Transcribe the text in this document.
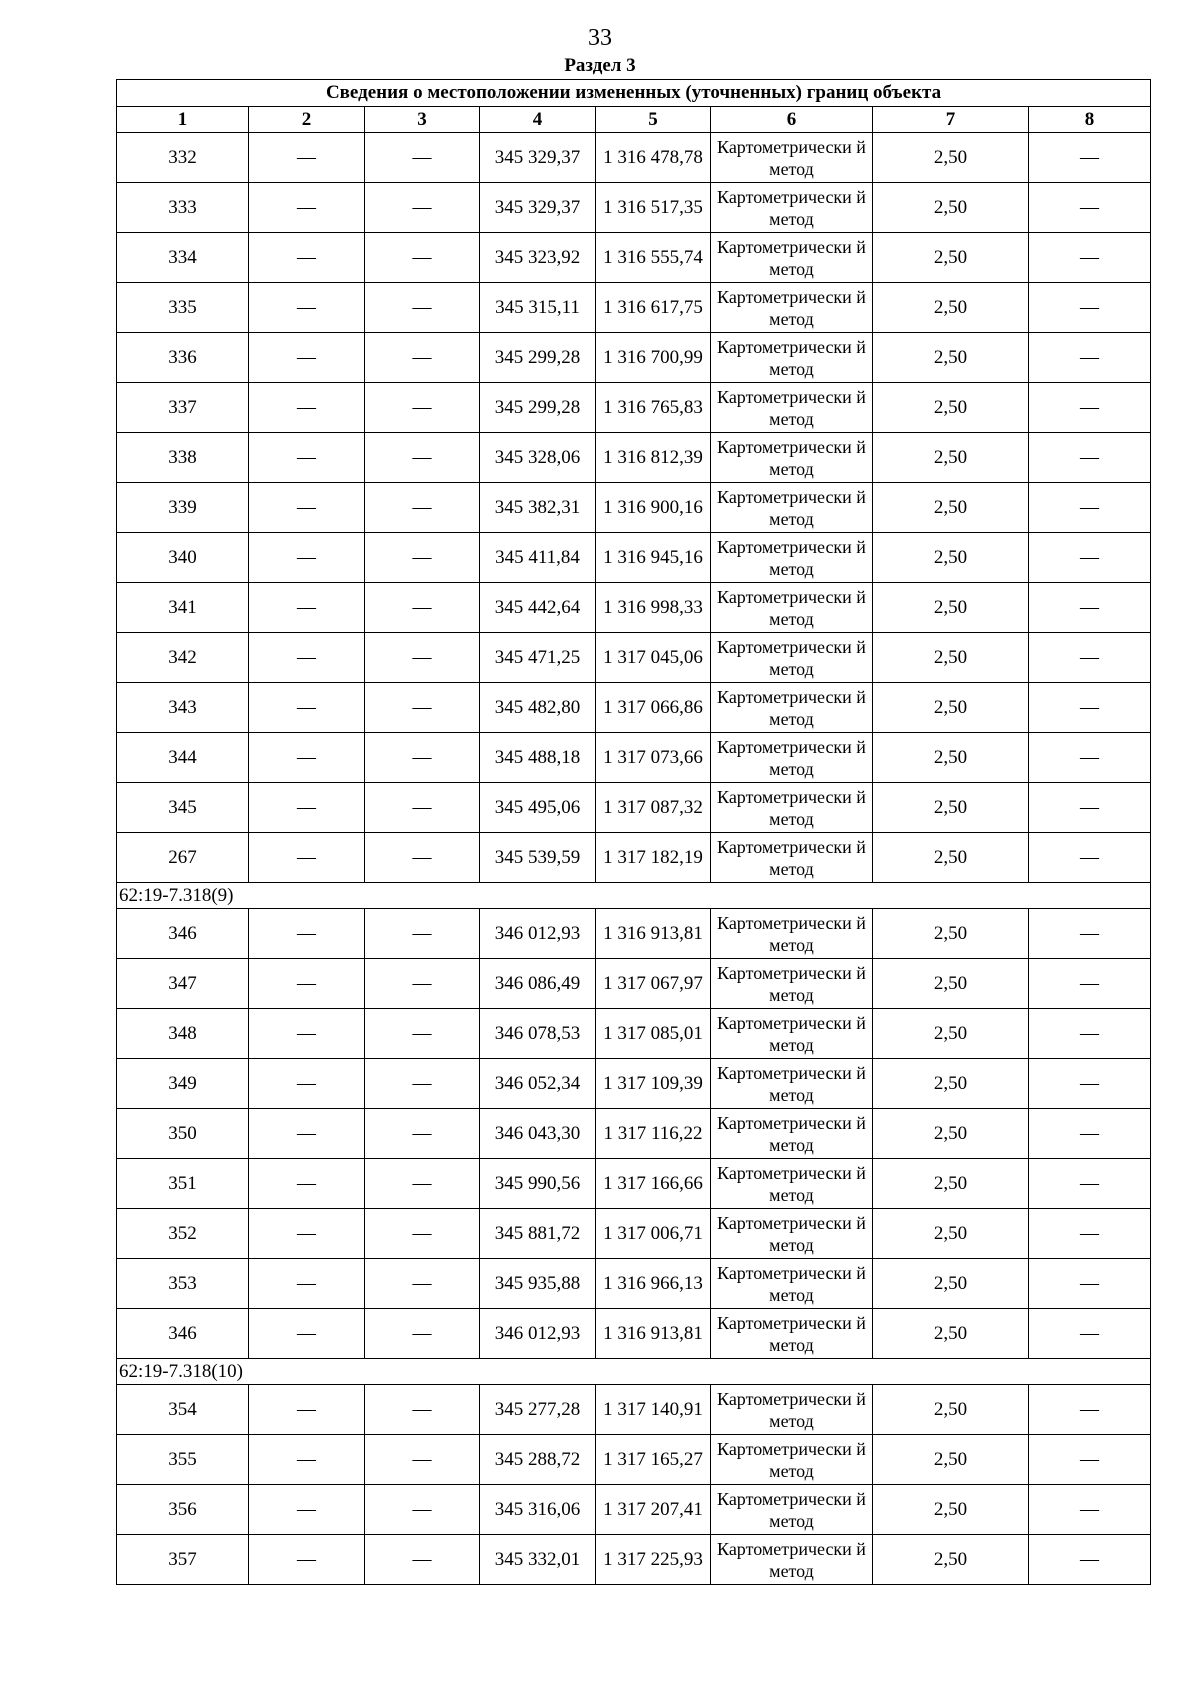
33
Раздел 3
Сведения о местоположении измененных (уточненных) границ объекта							
1	2	3	4	5	6	7	8
332	—	—	345 329,37	1 316 478,78	Картометрически й метод	2,50	—
333	—	—	345 329,37	1 316 517,35	Картометрически й метод	2,50	—
334	—	—	345 323,92	1 316 555,74	Картометрически й метод	2,50	—
335	—	—	345 315,11	1 316 617,75	Картометрически й метод	2,50	—
336	—	—	345 299,28	1 316 700,99	Картометрически й метод	2,50	—
337	—	—	345 299,28	1 316 765,83	Картометрически й метод	2,50	—
338	—	—	345 328,06	1 316 812,39	Картометрически й метод	2,50	—
339	—	—	345 382,31	1 316 900,16	Картометрически й метод	2,50	—
340	—	—	345 411,84	1 316 945,16	Картометрически й метод	2,50	—
341	—	—	345 442,64	1 316 998,33	Картометрически й метод	2,50	—
342	—	—	345 471,25	1 317 045,06	Картометрически й метод	2,50	—
343	—	—	345 482,80	1 317 066,86	Картометрически й метод	2,50	—
344	—	—	345 488,18	1 317 073,66	Картометрически й метод	2,50	—
345	—	—	345 495,06	1 317 087,32	Картометрически й метод	2,50	—
267	—	—	345 539,59	1 317 182,19	Картометрически й метод	2,50	—
62:19-7.318(9)							
346	—	—	346 012,93	1 316 913,81	Картометрически й метод	2,50	—
347	—	—	346 086,49	1 317 067,97	Картометрически й метод	2,50	—
348	—	—	346 078,53	1 317 085,01	Картометрически й метод	2,50	—
349	—	—	346 052,34	1 317 109,39	Картометрически й метод	2,50	—
350	—	—	346 043,30	1 317 116,22	Картометрически й метод	2,50	—
351	—	—	345 990,56	1 317 166,66	Картометрически й метод	2,50	—
352	—	—	345 881,72	1 317 006,71	Картометрически й метод	2,50	—
353	—	—	345 935,88	1 316 966,13	Картометрически й метод	2,50	—
346	—	—	346 012,93	1 316 913,81	Картометрически й метод	2,50	—
62:19-7.318(10)							
354	—	—	345 277,28	1 317 140,91	Картометрически й метод	2,50	—
355	—	—	345 288,72	1 317 165,27	Картометрически й метод	2,50	—
356	—	—	345 316,06	1 317 207,41	Картометрически й метод	2,50	—
357	—	—	345 332,01	1 317 225,93	Картометрически й метод	2,50	—
